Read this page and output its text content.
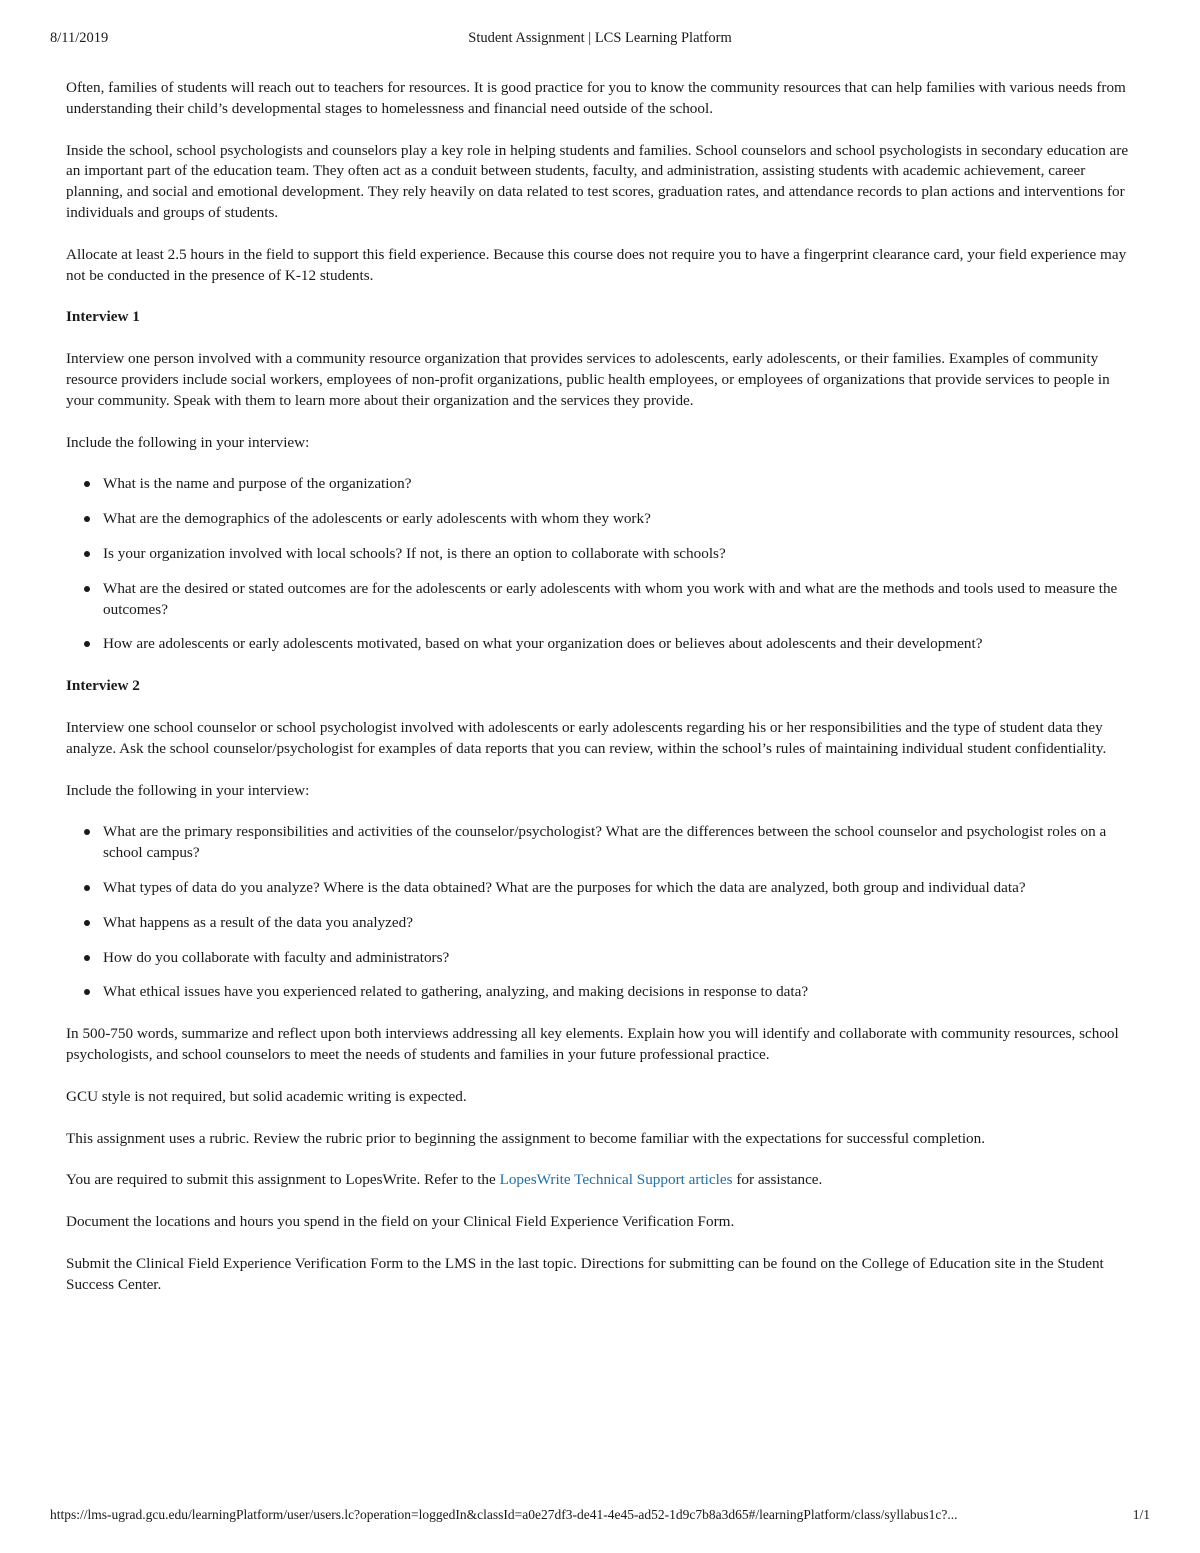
8/11/2019	Student Assignment | LCS Learning Platform

Often, families of students will reach out to teachers for resources. It is good practice for you to know the community resources that can help families with various needs from understanding their child’s developmental stages to homelessness and financial need outside of the school.

Inside the school, school psychologists and counselors play a key role in helping students and families. School counselors and school psychologists in secondary education are an important part of the education team. They often act as a conduit between students, faculty, and administration, assisting students with academic achievement, career planning, and social and emotional development. They rely heavily on data related to test scores, graduation rates, and attendance records to plan actions and interventions for individuals and groups of students.

Allocate at least 2.5 hours in the field to support this field experience. Because this course does not require you to have a fingerprint clearance card, your field experience may not be conducted in the presence of K-12 students.

Interview 1

Interview one person involved with a community resource organization that provides services to adolescents, early adolescents, or their families. Examples of community resource providers include social workers, employees of non-profit organizations, public health employees, or employees of organizations that provide services to people in your community. Speak with them to learn more about their organization and the services they provide.

Include the following in your interview:

What is the name and purpose of the organization?
What are the demographics of the adolescents or early adolescents with whom they work?
Is your organization involved with local schools? If not, is there an option to collaborate with schools?
What are the desired or stated outcomes are for the adolescents or early adolescents with whom you work with and what are the methods and tools used to measure the outcomes?
How are adolescents or early adolescents motivated, based on what your organization does or believes about adolescents and their development?
Interview 2

Interview one school counselor or school psychologist involved with adolescents or early adolescents regarding his or her responsibilities and the type of student data they analyze. Ask the school counselor/psychologist for examples of data reports that you can review, within the school’s rules of maintaining individual student confidentiality.

Include the following in your interview:

What are the primary responsibilities and activities of the counselor/psychologist? What are the differences between the school counselor and psychologist roles on a school campus?
What types of data do you analyze? Where is the data obtained? What are the purposes for which the data are analyzed, both group and individual data?
What happens as a result of the data you analyzed?
How do you collaborate with faculty and administrators?
What ethical issues have you experienced related to gathering, analyzing, and making decisions in response to data?

In 500-750 words, summarize and reflect upon both interviews addressing all key elements. Explain how you will identify and collaborate with community resources, school psychologists, and school counselors to meet the needs of students and families in your future professional practice.

GCU style is not required, but solid academic writing is expected.

This assignment uses a rubric. Review the rubric prior to beginning the assignment to become familiar with the expectations for successful completion.

You are required to submit this assignment to LopesWrite. Refer to the LopesWrite Technical Support articles for assistance.

Document the locations and hours you spend in the field on your Clinical Field Experience Verification Form.

Submit the Clinical Field Experience Verification Form to the LMS in the last topic. Directions for submitting can be found on the College of Education site in the Student Success Center.

https://lms-ugrad.gcu.edu/learningPlatform/user/users.lc?operation=loggedIn&classId=a0e27df3-de41-4e45-ad52-1d9c7b8a3d65#/learningPlatform/class/syllabus1c?...	1/1
